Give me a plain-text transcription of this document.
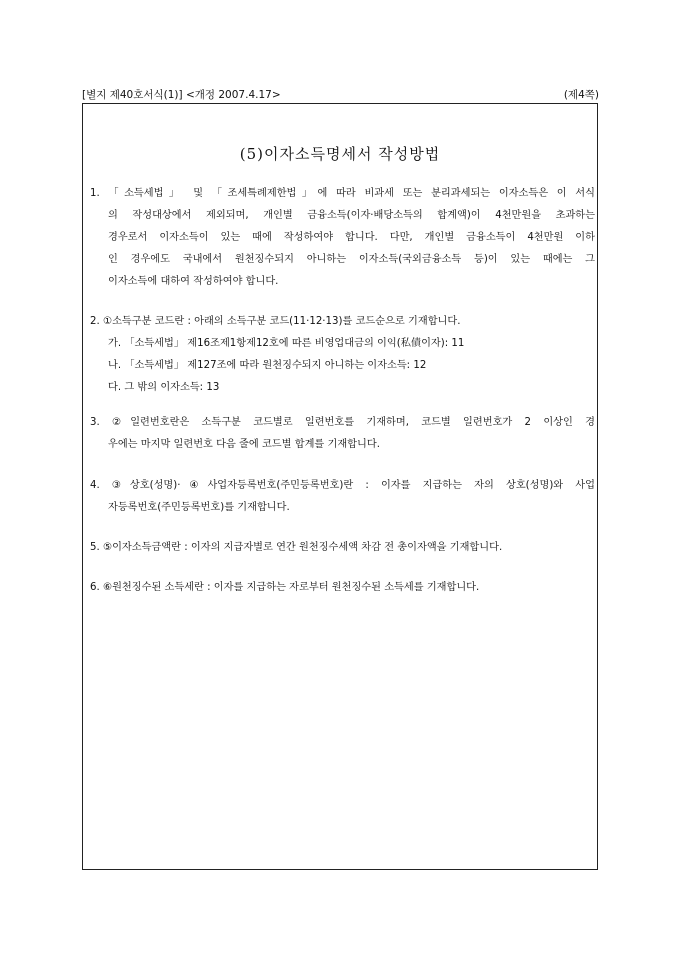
[별지 제40호서식(1)] <개정 2007.4.17>	(제4쪽)
(5)이자소득명세서 작성방법
1. 「소득세법」 및 「조세특례제한법」에 따라 비과세 또는 분리과세되는 이자소득은 이 서식
의 작성대상에서 제외되며, 개인별 금융소득(이자·배당소득의 합계액)이 4천만원을 초과하는
경우로서 이자소득이 있는 때에 작성하여야 합니다. 다만, 개인별 금융소득이 4천만원 이하
인 경우에도 국내에서 원천징수되지 아니하는 이자소득(국외금융소득 등)이 있는 때에는 그
이자소득에 대하여 작성하여야 합니다.
2. ①소득구분 코드란 : 아래의 소득구분 코드(11·12·13)를 코드순으로 기재합니다.
가. 「소득세법」 제16조제1항제12호에 따른 비영업대금의 이익(私債이자): 11
나. 「소득세법」 제127조에 따라 원천징수되지 아니하는 이자소득: 12
다. 그 밖의 이자소득: 13
3. ②일련번호란은 소득구분 코드별로 일련번호를 기재하며, 코드별 일련번호가 2 이상인 경
우에는 마지막 일련번호 다음 줄에 코드별 합계를 기재합니다.
4. ③상호(성명)·④사업자등록번호(주민등록번호)란 : 이자를 지급하는 자의 상호(성명)와 사업
자등록번호(주민등록번호)를 기재합니다.
5. ⑤이자소득금액란 : 이자의 지급자별로 연간 원천징수세액 차감 전 총이자액을 기재합니다.
6. ⑥원천징수된 소득세란 : 이자를 지급하는 자로부터 원천징수된 소득세를 기재합니다.
